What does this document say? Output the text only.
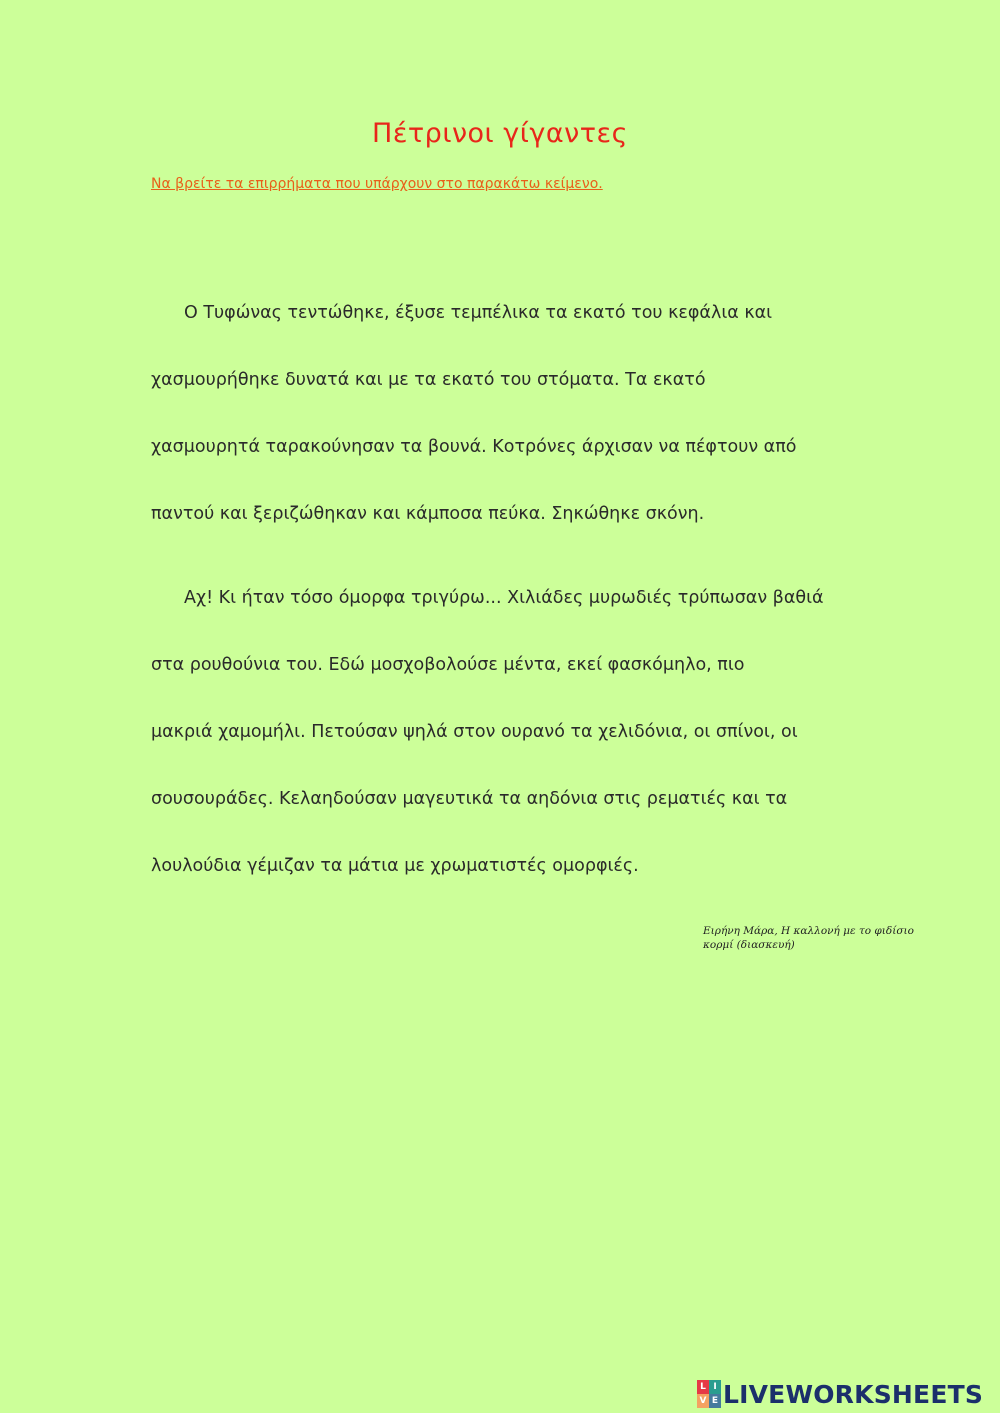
Πέτρινοι γίγαντες
Να βρείτε τα επιρρήματα που υπάρχουν στο παρακάτω κείμενο.
Ο Τυφώνας τεντώθηκε, έξυσε τεμπέλικα τα εκατό του κεφάλια και
χασμουρήθηκε δυνατά και με τα εκατό του στόματα. Τα εκατό
χασμουρητά ταρακούνησαν τα βουνά. Κοτρόνες άρχισαν να πέφτουν από
παντού και ξεριζώθηκαν και κάμποσα πεύκα. Σηκώθηκε σκόνη.
Αχ! Κι ήταν τόσο όμορφα τριγύρω... Χιλιάδες μυρωδιές τρύπωσαν βαθιά
στα ρουθούνια του. Εδώ μοσχοβολούσε μέντα, εκεί φασκόμηλο, πιο
μακριά χαμομήλι. Πετούσαν ψηλά στον ουρανό τα χελιδόνια, οι σπίνοι, οι
σουσουράδες. Κελαηδούσαν μαγευτικά τα αηδόνια στις ρεματιές και τα
λουλούδια γέμιζαν τα μάτια με χρωματιστές ομορφιές.
Ειρήνη Μάρα, Η καλλονή με το φιδίσιο κορμί (διασκευή)
L I
V E LIVEWORKSHEETS
